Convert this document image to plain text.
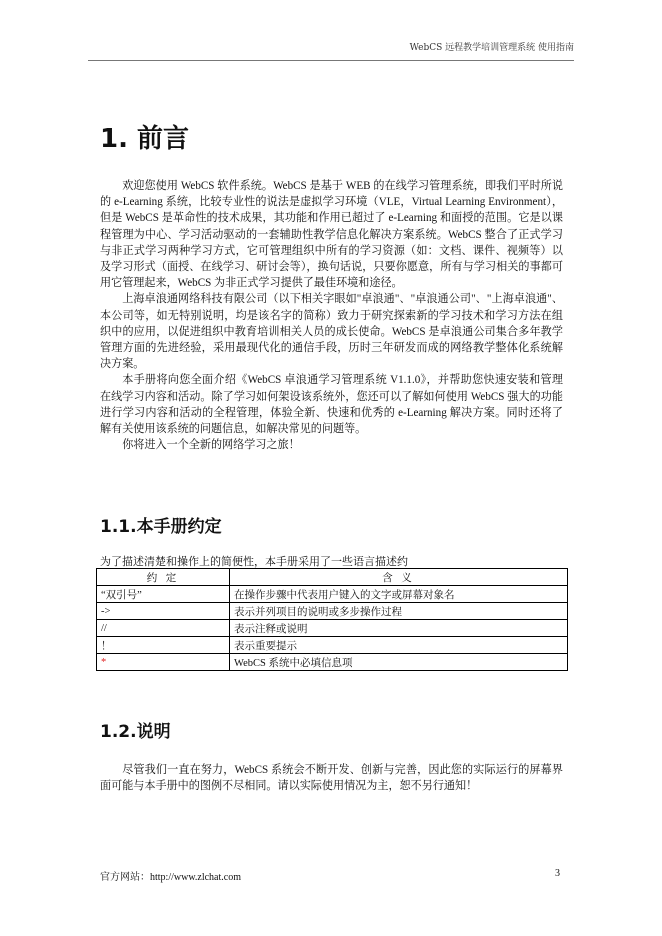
WebCS 远程教学培训管理系统 使用指南
1. 前言

欢迎您使用 WebCS 软件系统。WebCS 是基于 WEB 的在线学习管理系统，即我们平时所说的 e-Learning 系统，比较专业性的说法是虚拟学习环境（VLE，Virtual Learning Environment），但是 WebCS 是革命性的技术成果，其功能和作用已超过了 e-Learning 和面授的范围。它是以课程管理为中心、学习活动驱动的一套辅助性教学信息化解决方案系统。WebCS 整合了正式学习与非正式学习两种学习方式，它可管理组织中所有的学习资源（如：文档、课件、视频等）以及学习形式（面授、在线学习、研讨会等），换句话说，只要你愿意，所有与学习相关的事都可用它管理起来，WebCS 为非正式学习提供了最佳环境和途径。

上海卓浪通网络科技有限公司（以下相关字眼如"卓浪通"、"卓浪通公司"、"上海卓浪通"、本公司等，如无特别说明，均是该名字的简称）致力于研究探索新的学习技术和学习方法在组织中的应用，以促进组织中教育培训相关人员的成长使命。WebCS 是卓浪通公司集合多年教学管理方面的先进经验，采用最现代化的通信手段，历时三年研发而成的网络教学整体化系统解决方案。

本手册将向您全面介绍《WebCS 卓浪通学习管理系统 V1.1.0》，并帮助您快速安装和管理在线学习内容和活动。除了学习如何架设该系统外，您还可以了解如何使用 WebCS 强大的功能进行学习内容和活动的全程管理，体验全新、快速和优秀的 e-Learning 解决方案。同时还将了解有关使用该系统的问题信息，如解决常见的问题等。

你将进入一个全新的网络学习之旅！

1.1.本手册约定
为了描述清楚和操作上的简便性，本手册采用了一些语言描述约
约 定	含 义
“双引号”	在操作步骤中代表用户键入的文字或屏幕对象名
->	表示并列项目的说明或多步操作过程
//	表示注释或说明
！	表示重要提示
*	WebCS 系统中必填信息项
1.2.说明

尽管我们一直在努力，WebCS 系统会不断开发、创新与完善，因此您的实际运行的屏幕界面可能与本手册中的图例不尽相同。请以实际使用情况为主，恕不另行通知！

官方网站：http://www.zlchat.com	3
